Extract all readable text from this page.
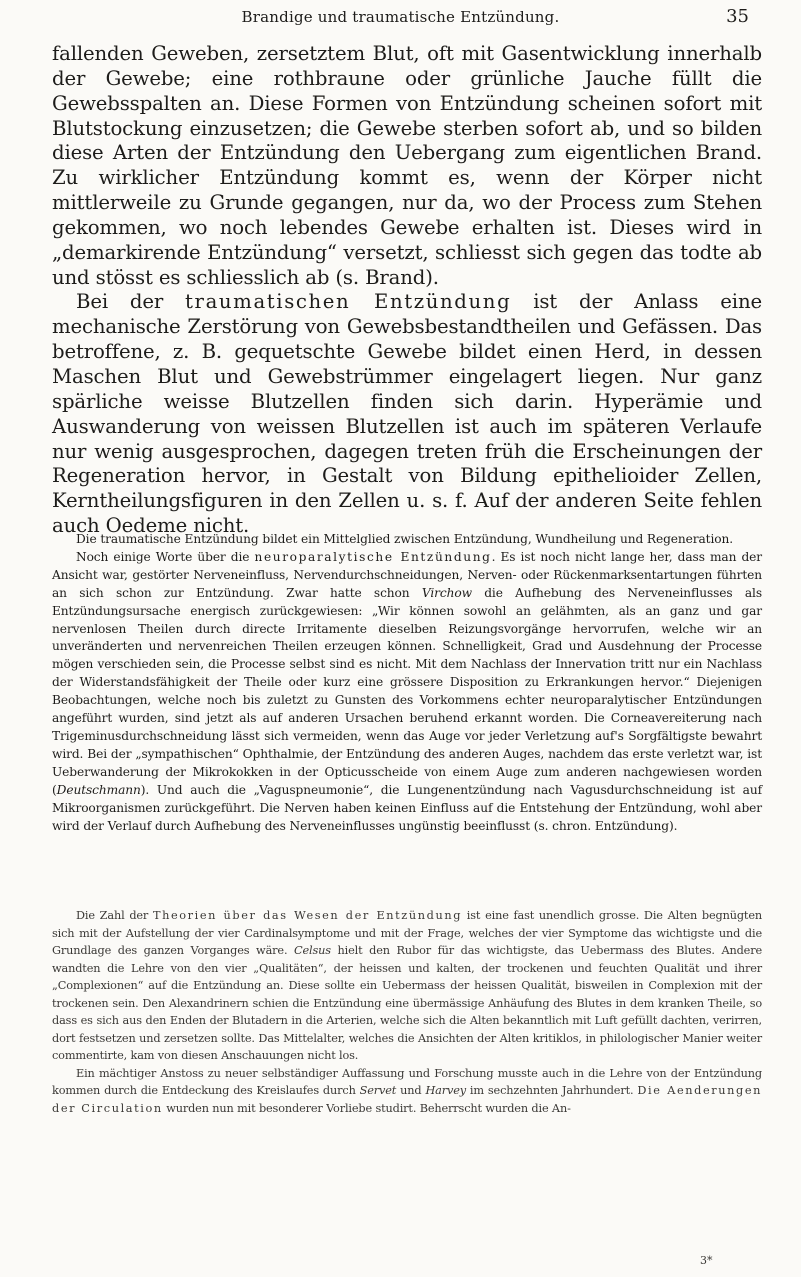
Brandige und traumatische Entzündung.	35

fallenden Geweben, zersetztem Blut, oft mit Gasentwicklung innerhalb der Gewebe; eine rothbraune oder grünliche Jauche füllt die Gewebsspalten an. Diese Formen von Entzündung scheinen sofort mit Blutstockung einzusetzen; die Gewebe sterben sofort ab, und so bilden diese Arten der Entzündung den Uebergang zum eigentlichen Brand. Zu wirklicher Entzündung kommt es, wenn der Körper nicht mittlerweile zu Grunde gegangen, nur da, wo der Process zum Stehen gekommen, wo noch lebendes Gewebe erhalten ist. Dieses wird in „demarkirende Entzündung“ versetzt, schliesst sich gegen das todte ab und stösst es schliesslich ab (s. Brand).

Bei der traumatischen Entzündung ist der Anlass eine mechanische Zerstörung von Gewebsbestandtheilen und Gefässen. Das betroffene, z. B. gequetschte Gewebe bildet einen Herd, in dessen Maschen Blut und Gewebstrümmer eingelagert liegen. Nur ganz spärliche weisse Blutzellen finden sich darin. Hyperämie und Auswanderung von weissen Blutzellen ist auch im späteren Verlaufe nur wenig ausgesprochen, dagegen treten früh die Erscheinungen der Regeneration hervor, in Gestalt von Bildung epithelioider Zellen, Kerntheilungsfiguren in den Zellen u. s. f. Auf der anderen Seite fehlen auch Oedeme nicht.

Die traumatische Entzündung bildet ein Mittelglied zwischen Entzündung, Wundheilung und Regeneration.

Noch einige Worte über die neuroparalytische Entzündung. Es ist noch nicht lange her, dass man der Ansicht war, gestörter Nerveneinfluss, Nervendurchschneidungen, Nerven- oder Rückenmarksentartungen führten an sich schon zur Entzündung. Zwar hatte schon Virchow die Aufhebung des Nerveneinflusses als Entzündungsursache energisch zurückgewiesen: „Wir können sowohl an gelähmten, als an ganz und gar nervenlosen Theilen durch directe Irritamente dieselben Reizungsvorgänge hervorrufen, welche wir an unveränderten und nervenreichen Theilen erzeugen können. Schnelligkeit, Grad und Ausdehnung der Processe mögen verschieden sein, die Processe selbst sind es nicht. Mit dem Nachlass der Innervation tritt nur ein Nachlass der Widerstandsfähigkeit der Theile oder kurz eine grössere Disposition zu Erkrankungen hervor.“ Diejenigen Beobachtungen, welche noch bis zuletzt zu Gunsten des Vorkommens echter neuroparalytischer Entzündungen angeführt wurden, sind jetzt als auf anderen Ursachen beruhend erkannt worden. Die Corneavereiterung nach Trigeminusdurchschneidung lässt sich vermeiden, wenn das Auge vor jeder Verletzung auf's Sorgfältigste bewahrt wird. Bei der „sympathischen“ Ophthalmie, der Entzündung des anderen Auges, nachdem das erste verletzt war, ist Ueberwanderung der Mikrokokken in der Opticusscheide von einem Auge zum anderen nachgewiesen worden (Deutschmann). Und auch die „Vaguspneumonie“, die Lungenentzündung nach Vagusdurchschneidung ist auf Mikroorganismen zurückgeführt. Die Nerven haben keinen Einfluss auf die Entstehung der Entzündung, wohl aber wird der Verlauf durch Aufhebung des Nerveneinflusses ungünstig beeinflusst (s. chron. Entzündung).

Die Zahl der Theorien über das Wesen der Entzündung ist eine fast unendlich grosse. Die Alten begnügten sich mit der Aufstellung der vier Cardinalsymptome und mit der Frage, welches der vier Symptome das wichtigste und die Grundlage des ganzen Vorganges wäre. Celsus hielt den Rubor für das wichtigste, das Uebermass des Blutes. Andere wandten die Lehre von den vier „Qualitäten“, der heissen und kalten, der trockenen und feuchten Qualität und ihrer „Complexionen“ auf die Entzündung an. Diese sollte ein Uebermass der heissen Qualität, bisweilen in Complexion mit der trockenen sein. Den Alexandrinern schien die Entzündung eine übermässige Anhäufung des Blutes in dem kranken Theile, so dass es sich aus den Enden der Blutadern in die Arterien, welche sich die Alten bekanntlich mit Luft gefüllt dachten, verirren, dort festsetzen und zersetzen sollte. Das Mittelalter, welches die Ansichten der Alten kritiklos, in philologischer Manier weiter commentirte, kam von diesen Anschauungen nicht los.

Ein mächtiger Anstoss zu neuer selbständiger Auffassung und Forschung musste auch in die Lehre von der Entzündung kommen durch die Entdeckung des Kreislaufes durch Servet und Harvey im sechzehnten Jahrhundert. Die Aenderungen der Circulation wurden nun mit besonderer Vorliebe studirt. Beherrscht wurden die An-

3*
